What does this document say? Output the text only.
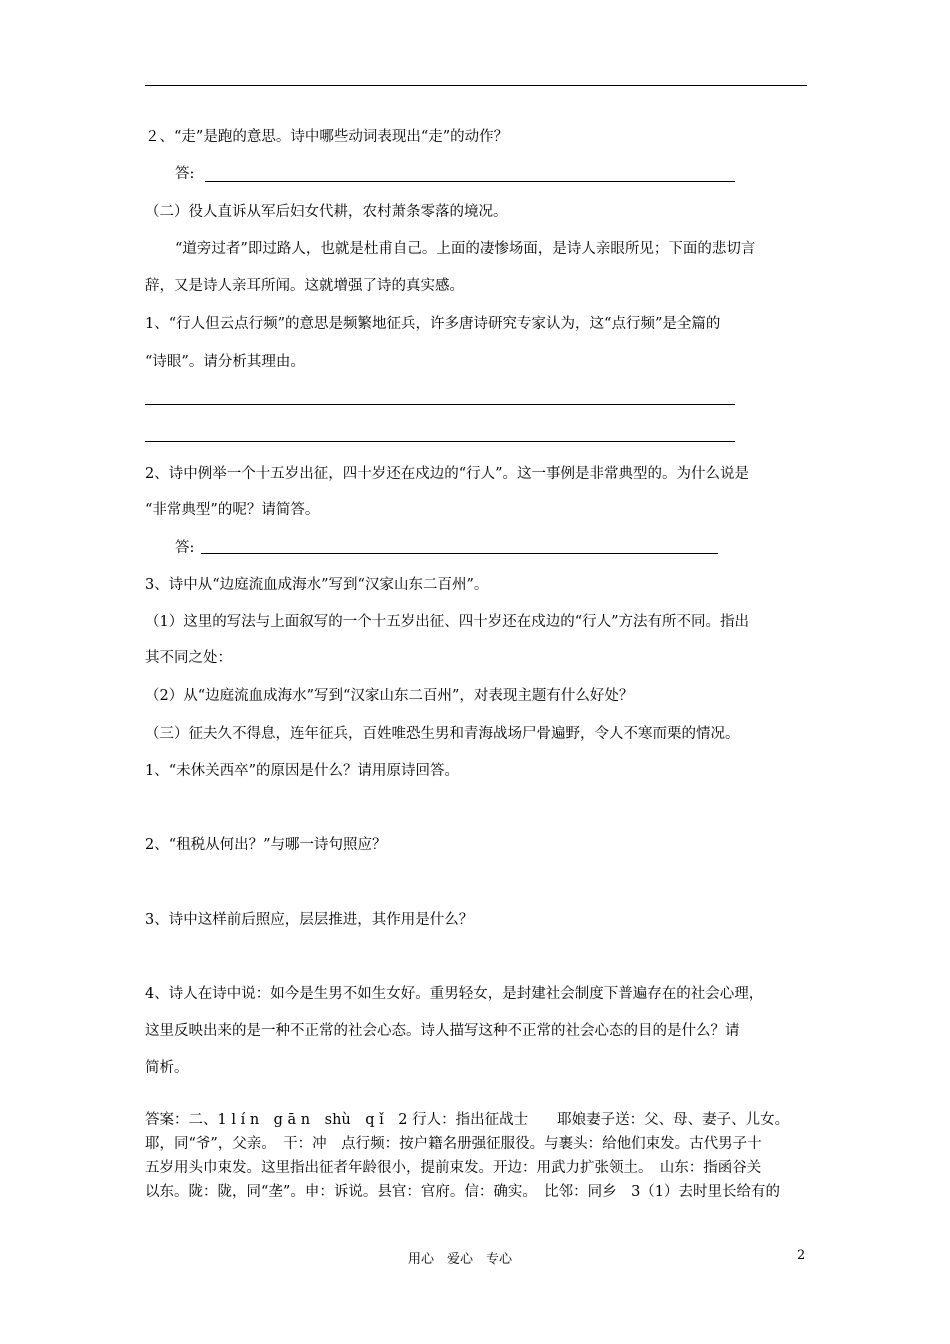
２、“走”是跑的意思。诗中哪些动词表现出“走”的动作？
答:
（二）役人直诉从军后妇女代耕，农村萧条零落的境况。
“道旁过者”即过路人，也就是杜甫自己。上面的凄惨场面，是诗人亲眼所见；下面的悲切言
辞，又是诗人亲耳所闻。这就增强了诗的真实感。
1、“行人但云点行频”的意思是频繁地征兵，许多唐诗研究专家认为，这“点行频”是全篇的
“诗眼”。请分析其理由。
2、诗中例举一个十五岁出征，四十岁还在戍边的“行人”。这一事例是非常典型的。为什么说是
“非常典型”的呢？请简答。
答:
3、诗中从“边庭流血成海水”写到“汉家山东二百州”。
（1）这里的写法与上面叙写的一个十五岁出征、四十岁还在戍边的“行人”方法有所不同。指出
其不同之处：
（2）从“边庭流血成海水”写到“汉家山东二百州”，对表现主题有什么好处？
（三）征夫久不得息，连年征兵，百姓唯恐生男和青海战场尸骨遍野，令人不寒而栗的情况。
1、“未休关西卒”的原因是什么？请用原诗回答。
2、“租税从何出？”与哪一诗句照应？
3、诗中这样前后照应，层层推进，其作用是什么？
4、诗人在诗中说：如今是生男不如生女好。重男轻女，是封建社会制度下普遍存在的社会心理，
这里反映出来的是一种不正常的社会心态。诗人描写这种不正常的社会心态的目的是什么？请
简析。
答案：二、1 l í n　g ā n　shù　q ǐ　2 行人：指出征战士　　耶娘妻子送：父、母、妻子、儿女。
耶，同“爷”，父亲。　干：冲　点行频：按户籍名册强征服役。与裹头：给他们束发。古代男子十
五岁用头巾束发。这里指出征者年龄很小，提前束发。开边：用武力扩张领土。　山东：指函谷关
以东。陇：陇，同“垄”。申：诉说。县官：官府。信：确实。　比邻：同乡　3（1）去时里长给有的
用心　爱心　专心	2
